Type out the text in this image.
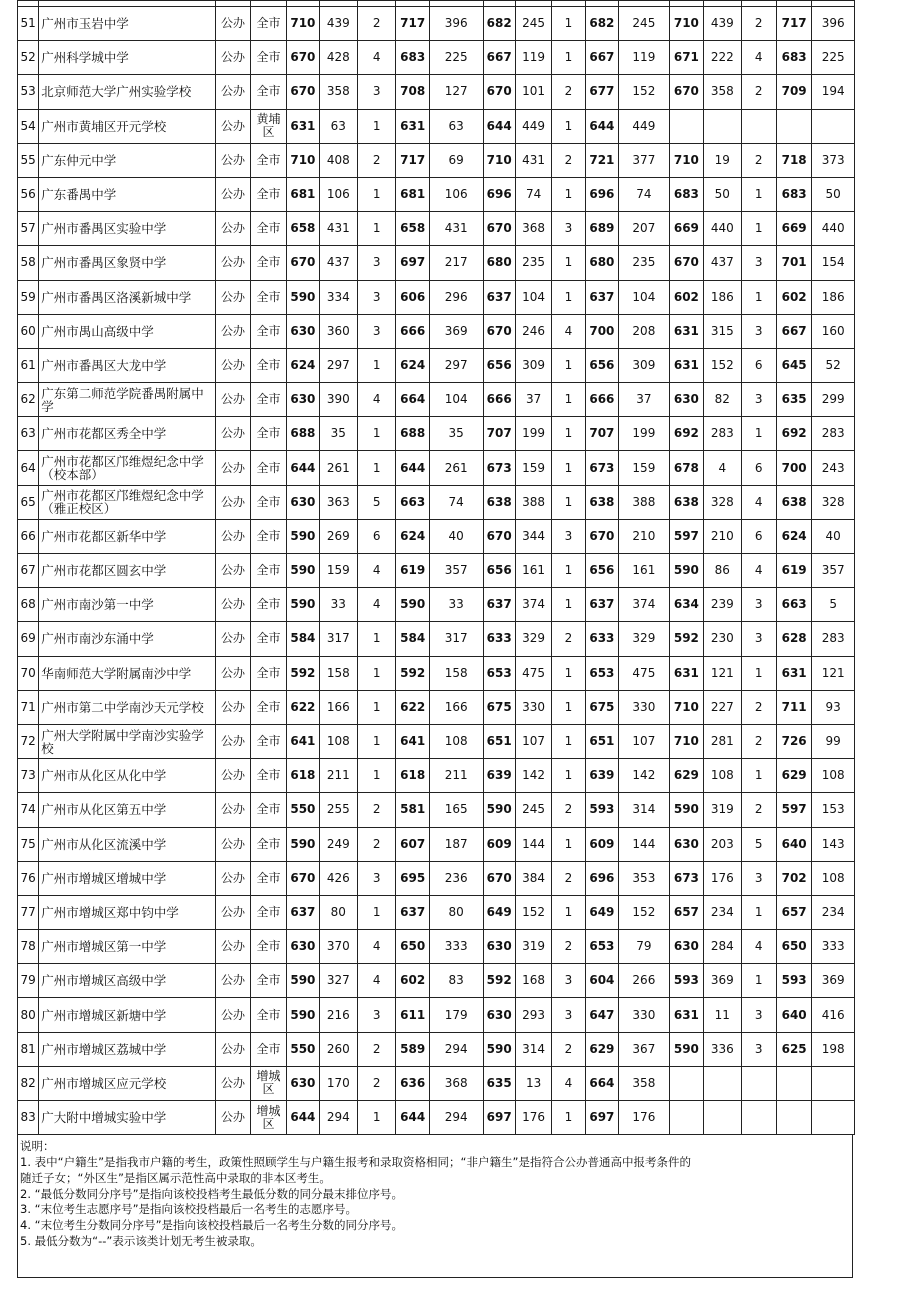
51	广州市玉岩中学	公办	全市	710	439	2	717	396	682	245	1	682	245	710	439	2	717	396
52	广州科学城中学	公办	全市	670	428	4	683	225	667	119	1	667	119	671	222	4	683	225
53	北京师范大学广州实验学校	公办	全市	670	358	3	708	127	670	101	2	677	152	670	358	2	709	194
54	广州市黄埔区开元学校	公办	黄埔区	631	63	1	631	63	644	449	1	644	449					
55	广东仲元中学	公办	全市	710	408	2	717	69	710	431	2	721	377	710	19	2	718	373
56	广东番禺中学	公办	全市	681	106	1	681	106	696	74	1	696	74	683	50	1	683	50
57	广州市番禺区实验中学	公办	全市	658	431	1	658	431	670	368	3	689	207	669	440	1	669	440
58	广州市番禺区象贤中学	公办	全市	670	437	3	697	217	680	235	1	680	235	670	437	3	701	154
59	广州市番禺区洛溪新城中学	公办	全市	590	334	3	606	296	637	104	1	637	104	602	186	1	602	186
60	广州市禺山高级中学	公办	全市	630	360	3	666	369	670	246	4	700	208	631	315	3	667	160
61	广州市番禺区大龙中学	公办	全市	624	297	1	624	297	656	309	1	656	309	631	152	6	645	52
62	广东第二师范学院番禺附属中学	公办	全市	630	390	4	664	104	666	37	1	666	37	630	82	3	635	299
63	广州市花都区秀全中学	公办	全市	688	35	1	688	35	707	199	1	707	199	692	283	1	692	283
64	广州市花都区邝维煜纪念中学（校本部）	公办	全市	644	261	1	644	261	673	159	1	673	159	678	4	6	700	243
65	广州市花都区邝维煜纪念中学（雅正校区）	公办	全市	630	363	5	663	74	638	388	1	638	388	638	328	4	638	328
66	广州市花都区新华中学	公办	全市	590	269	6	624	40	670	344	3	670	210	597	210	6	624	40
67	广州市花都区圆玄中学	公办	全市	590	159	4	619	357	656	161	1	656	161	590	86	4	619	357
68	广州市南沙第一中学	公办	全市	590	33	4	590	33	637	374	1	637	374	634	239	3	663	5
69	广州市南沙东涌中学	公办	全市	584	317	1	584	317	633	329	2	633	329	592	230	3	628	283
70	华南师范大学附属南沙中学	公办	全市	592	158	1	592	158	653	475	1	653	475	631	121	1	631	121
71	广州市第二中学南沙天元学校	公办	全市	622	166	1	622	166	675	330	1	675	330	710	227	2	711	93
72	广州大学附属中学南沙实验学校	公办	全市	641	108	1	641	108	651	107	1	651	107	710	281	2	726	99
73	广州市从化区从化中学	公办	全市	618	211	1	618	211	639	142	1	639	142	629	108	1	629	108
74	广州市从化区第五中学	公办	全市	550	255	2	581	165	590	245	2	593	314	590	319	2	597	153
75	广州市从化区流溪中学	公办	全市	590	249	2	607	187	609	144	1	609	144	630	203	5	640	143
76	广州市增城区增城中学	公办	全市	670	426	3	695	236	670	384	2	696	353	673	176	3	702	108
77	广州市增城区郑中钧中学	公办	全市	637	80	1	637	80	649	152	1	649	152	657	234	1	657	234
78	广州市增城区第一中学	公办	全市	630	370	4	650	333	630	319	2	653	79	630	284	4	650	333
79	广州市增城区高级中学	公办	全市	590	327	4	602	83	592	168	3	604	266	593	369	1	593	369
80	广州市增城区新塘中学	公办	全市	590	216	3	611	179	630	293	3	647	330	631	11	3	640	416
81	广州市增城区荔城中学	公办	全市	550	260	2	589	294	590	314	2	629	367	590	336	3	625	198
82	广州市增城区应元学校	公办	增城区	630	170	2	636	368	635	13	4	664	358					
83	广大附中增城实验中学	公办	增城区	644	294	1	644	294	697	176	1	697	176					
说明：
1. 表中“户籍生”是指我市户籍的考生，政策性照顾学生与户籍生报考和录取资格相同；“非户籍生”是指符合公办普通高中报考条件的
随迁子女；“外区生”是指区属示范性高中录取的非本区考生。
2. “最低分数同分序号”是指向该校投档考生最低分数的同分最末排位序号。
3. “末位考生志愿序号”是指向该校投档最后一名考生的志愿序号。
4. “末位考生分数同分序号”是指向该校投档最后一名考生分数的同分序号。
5. 最低分数为“--”表示该类计划无考生被录取。
